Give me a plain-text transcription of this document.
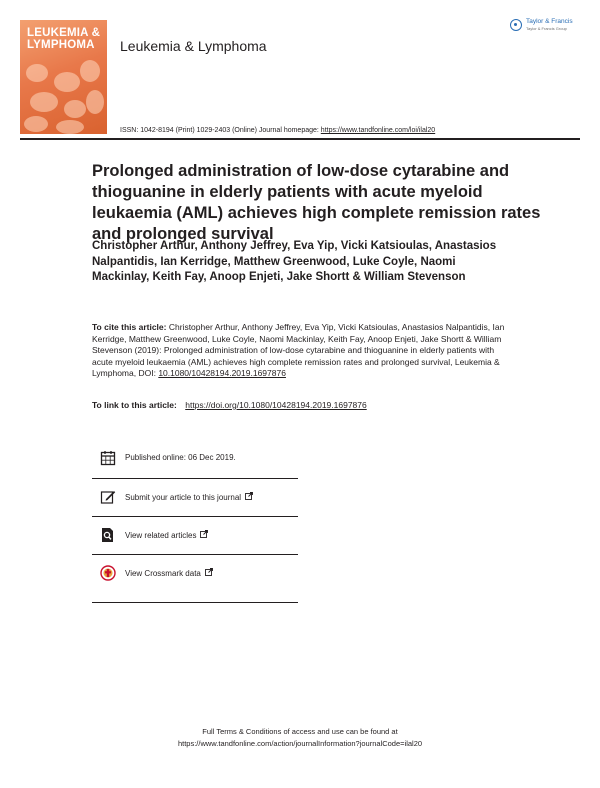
LEUKEMIA &
LYMPHOMA	Leukemia & Lymphoma
Taylor & Francis
Taylor & Francis Group
ISSN: 1042-8194 (Print) 1029-2403 (Online) Journal homepage: https://www.tandfonline.com/loi/ilal20
Prolonged administration of low-dose cytarabine and thioguanine in elderly patients with acute myeloid leukaemia (AML) achieves high complete remission rates and prolonged survival
Christopher Arthur, Anthony Jeffrey, Eva Yip, Vicki Katsioulas, Anastasios Nalpantidis, Ian Kerridge, Matthew Greenwood, Luke Coyle, Naomi Mackinlay, Keith Fay, Anoop Enjeti, Jake Shortt & William Stevenson
To cite this article: Christopher Arthur, Anthony Jeffrey, Eva Yip, Vicki Katsioulas, Anastasios Nalpantidis, Ian Kerridge, Matthew Greenwood, Luke Coyle, Naomi Mackinlay, Keith Fay, Anoop Enjeti, Jake Shortt & William Stevenson (2019): Prolonged administration of low-dose cytarabine and thioguanine in elderly patients with acute myeloid leukaemia (AML) achieves high complete remission rates and prolonged survival, Leukemia & Lymphoma, DOI: 10.1080/10428194.2019.1697876
To link to this article: https://doi.org/10.1080/10428194.2019.1697876
Published online: 06 Dec 2019.
Submit your article to this journal
View related articles
View Crossmark data
Full Terms & Conditions of access and use can be found at
https://www.tandfonline.com/action/journalInformation?journalCode=ilal20
